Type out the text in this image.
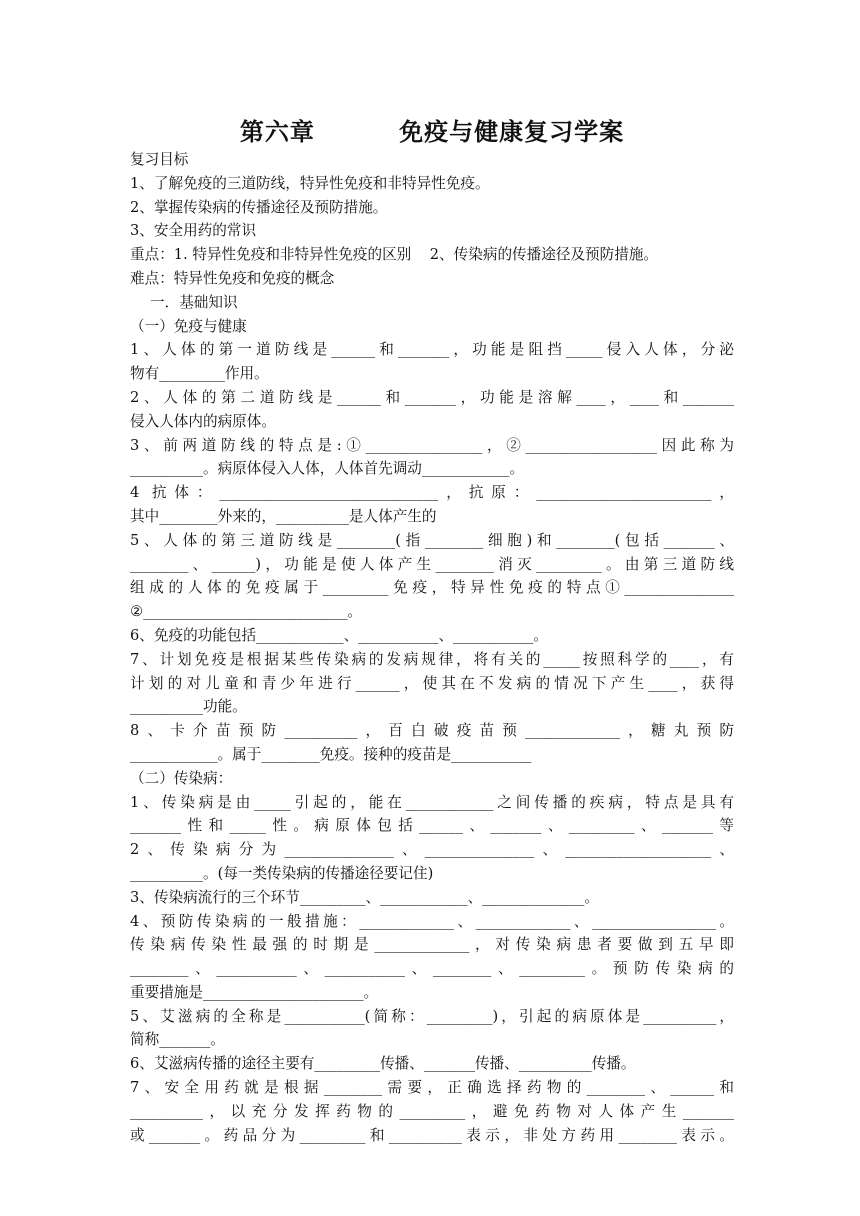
第六章         免疫与健康复习学案
复习目标
1、了解免疫的三道防线，特异性免疫和非特异性免疫。
2、掌握传染病的传播途径及预防措施。
3、安全用药的常识
重点：1. 特异性免疫和非特异性免疫的区别    2、传染病的传播途径及预防措施。
难点：特异性免疫和免疫的概念
一．基础知识
（一）免疫与健康
1、人体的第一道防线是______和_______，功能是阻挡_____侵入人体，分泌
物有_________作用。
2、人体的第二道防线是______和_______，功能是溶解____，____和_______
侵入人体内的病原体。
3、前两道防线的特点是:①________________，②__________________因此称为
__________。病原体侵入人体，人体首先调动____________。
4 抗体：______________________________，抗原：________________________，
其中________外来的，__________是人体产生的
5、人体的第三道防线是________(指________细胞)和________(包括_______、
________、______)，功能是使人体产生________消灭_________。由第三道防线
组成的人体的免疫属于_________免疫，特异性免疫的特点①_______________
②____________________________。
6、免疫的功能包括____________、___________、___________。
7、计划免疫是根据某些传染病的发病规律，将有关的_____按照科学的____，有
计划的对儿童和青少年进行______，使其在不发病的情况下产生____，获得
__________功能。
8、卡介苗预防__________，百白破疫苗预_____________，糖丸预防
____________。属于________免疫。接种的疫苗是___________
（二）传染病：
1、传染病是由_____引起的，能在____________之间传播的疾病，特点是具有
_______性和_____性。病原体包括______、_______、_________、_______等
2、传染病分为_______________、_______________、____________________、
__________。(每一类传染病的传播途径要记住)
3、传染病流行的三个环节_________、____________、______________。
4、预防传染病的一般措施：_____________、_____________、_________________。
传染病传染性最强的时期是_____________，对传染病患者要做到五早即
________、___________、___________、________、_________。预防传染病的
重要措施是______________________。
5、艾滋病的全称是___________(简称：_________)，引起的病原体是__________，
简称_______。
6、艾滋病传播的途径主要有_________传播、_______传播、__________传播。
7、安全用药就是根据________需要，正确选择药物的________、______和
__________，以充分发挥药物的_________，避免药物对人体产生_______
或_______。药品分为_________和__________表示，非处方药用________表示。
